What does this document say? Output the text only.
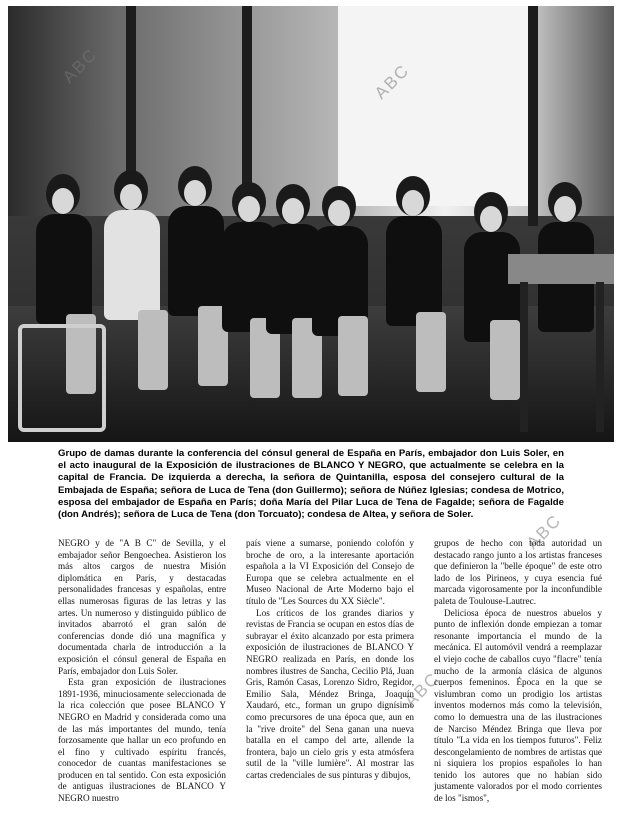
ABC	ABC
ABC
ABC
Grupo de damas durante la conferencia del cónsul general de España en París, embajador don Luis Soler, en el acto inaugural de la Exposición de ilustraciones de BLANCO Y NEGRO, que actualmente se celebra en la capital de Francia. De izquierda a derecha, la señora de Quintanilla, esposa del consejero cultural de la Embajada de España; señora de Luca de Tena (don Guillermo); señora de Núñez Iglesias; condesa de Motrico, esposa del embajador de España en París; doña María del Pilar Luca de Tena de Fagalde; señora de Fagalde (don Andrés); señora de Luca de Tena (don Torcuato); condesa de Altea, y señora de Soler.

NEGRO y de "A B C" de Sevilla, y el embajador señor Bengoechea. Asistieron los más altos cargos de nuestra Misión diplomática en París, y destacadas personalidades francesas y españolas, entre ellas numerosas figuras de las letras y las artes. Un numeroso y distinguido público de invitados abarrotó el gran salón de conferencias donde dió una magnífica y documentada charla de introducción a la exposición el cónsul general de España en París, embajador don Luis Soler.

Esta gran exposición de ilustraciones 1891-1936, minuciosamente seleccionada de la rica colección que posee BLANCO Y NEGRO en Madrid y considerada como una de las más importantes del mundo, tenía forzosamente que hallar un eco profundo en el fino y cultivado espíritu francés, conocedor de cuantas manifestaciones se producen en tal sentido. Con esta exposición de antiguas ilustraciones de BLANCO Y NEGRO nuestro

país viene a sumarse, poniendo colofón y broche de oro, a la interesante aportación española a la VI Exposición del Consejo de Europa que se celebra actualmente en el Museo Nacional de Arte Moderno bajo el título de "Les Sources du XX Siècle".

Los críticos de los grandes diarios y revistas de Francia se ocupan en estos días de subrayar el éxito alcanzado por esta primera exposición de ilustraciones de BLANCO Y NEGRO realizada en París, en donde los nombres ilustres de Sancha, Cecilio Plá, Juan Gris, Ramón Casas, Lorenzo Sidro, Regidor, Emilio Sala, Méndez Bringa, Joaquín Xaudaró, etc., forman un grupo dignísimo como precursores de una época que, aun en la "rive droite" del Sena ganan una nueva batalla en el campo del arte, allende la frontera, bajo un cielo gris y esta atmósfera sutil de la "ville lumière". Al mostrar las cartas credenciales de sus pinturas y dibujos,

grupos de hecho con toda autoridad un destacado rango junto a los artistas franceses que definieron la "belle époque" de este otro lado de los Pirineos, y cuya esencia fué marcada vigorosamente por la inconfundible paleta de Toulouse-Lautrec.

Deliciosa época de nuestros abuelos y punto de inflexión donde empiezan a tomar resonante importancia el mundo de la mecánica. El automóvil vendrá a reemplazar el viejo coche de caballos cuyo "flacre" tenía mucho de la armonía clásica de algunos cuerpos femeninos. Época en la que se vislumbran como un prodigio los artistas inventos modernos más como la televisión, como lo demuestra una de las ilustraciones de Narciso Méndez Bringa que lleva por título "La vida en los tiempos futuros". Feliz descongelamiento de nombres de artistas que ni siquiera los propios españoles lo han tenido los autores que no habían sido justamente valorados por el modo corrientes de los "ismos",
